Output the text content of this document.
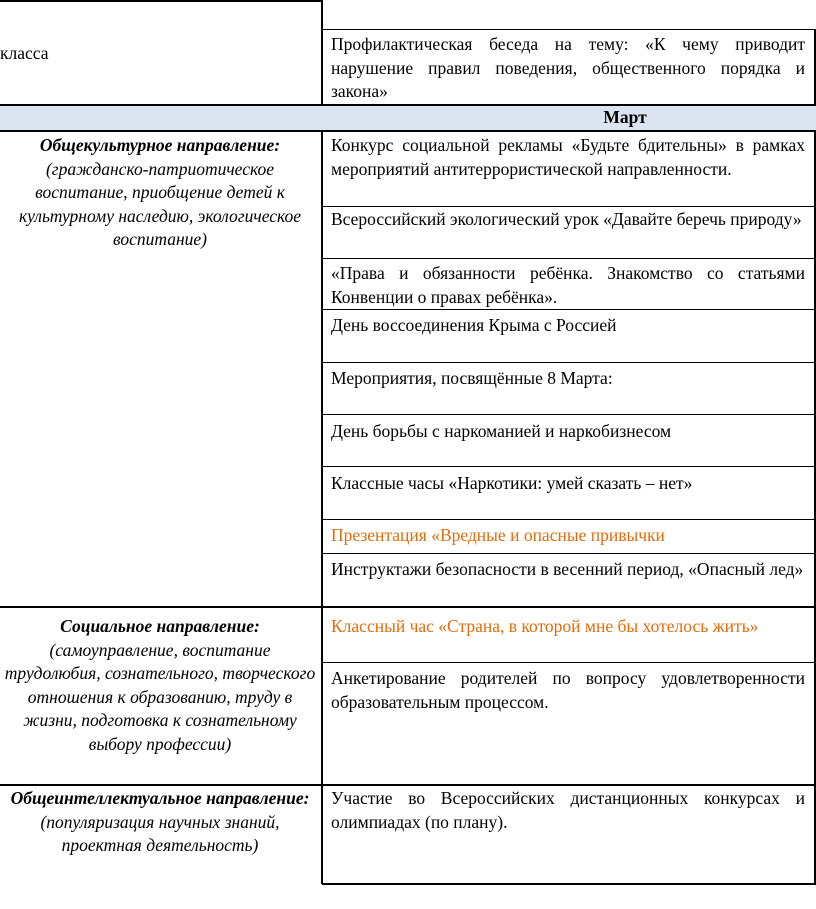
класса	Профилактическая беседа на тему: «К чему приводит нарушение правил поведения, общественного порядка и закона»
Март
Общекультурное направление:
(гражданско-патриотическое воспитание, приобщение детей к культурному наследию, экологическое воспитание)
Конкурс социальной рекламы «Будьте бдительны» в рамках мероприятий антитеррористической направленности.
Всероссийский экологический урок «Давайте беречь природу»
«Права и обязанности ребёнка. Знакомство со статьями Конвенции о правах ребёнка».
День воссоединения Крыма с Россией
Мероприятия, посвящённые 8 Марта:
День борьбы с наркоманией и наркобизнесом
Классные часы «Наркотики: умей сказать – нет»
Презентация «Вредные и опасные привычки
Инструктажи безопасности в весенний период, «Опасный лед»
Социальное направление:
(самоуправление, воспитание трудолюбия, сознательного, творческого отношения к образованию, труду в жизни, подготовка к сознательному выбору профессии)
Классный час «Страна, в которой мне бы хотелось жить»
Анкетирование родителей по вопросу удовлетворенности образовательным процессом.
Общеинтеллектуальное направление:
(популяризация научных знаний, проектная деятельность)
Участие во Всероссийских дистанционных конкурсах и олимпиадах (по плану).
